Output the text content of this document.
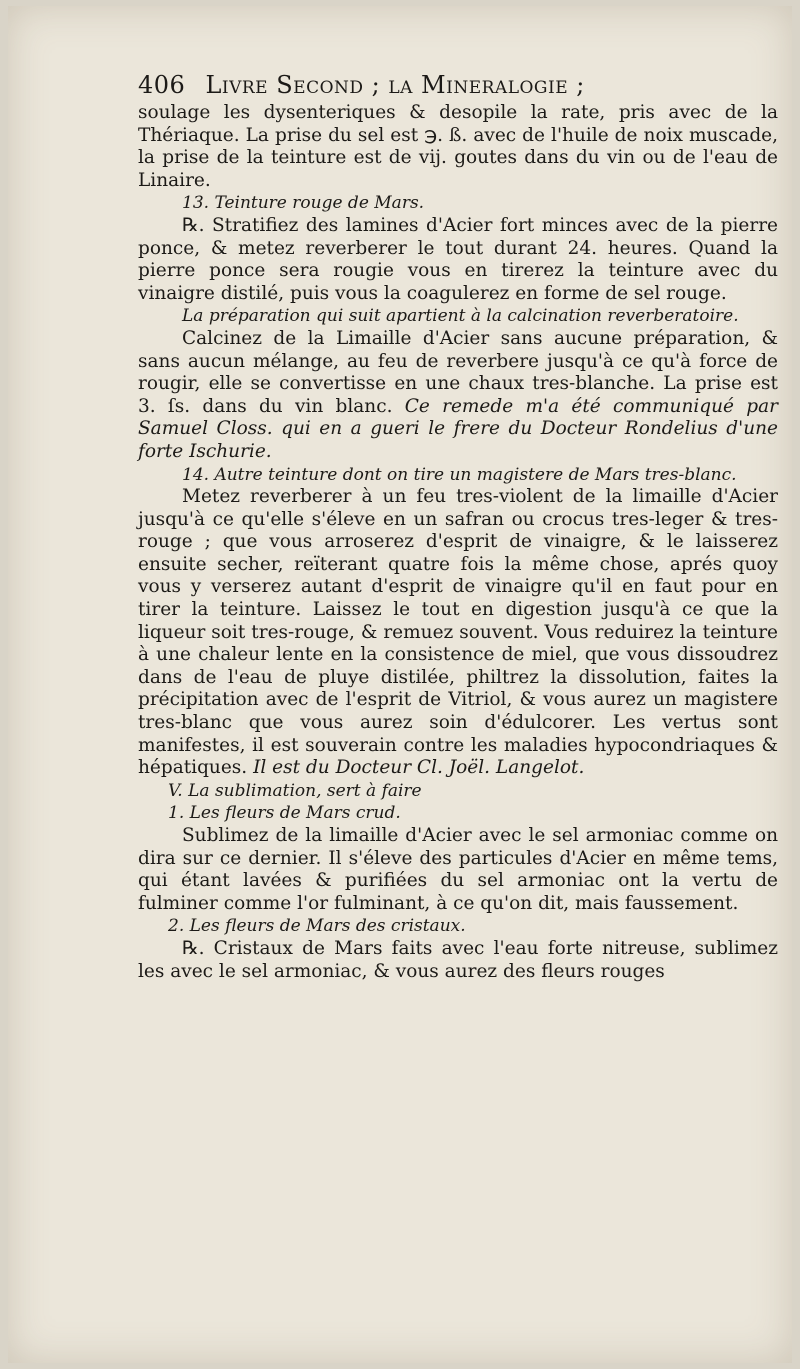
406 Livre Second ; la Mineralogie ;

soulage les dysenteriques & desopile la rate, pris avec de la Thériaque. La prise du sel est ℈. ß. avec de l'huile de noix muscade, la prise de la teinture est de vij. goutes dans du vin ou de l'eau de Linaire.

13. Teinture rouge de Mars.

℞. Stratifiez des lamines d'Acier fort minces avec de la pierre ponce, & metez reverberer le tout durant 24. heures. Quand la pierre ponce sera rougie vous en tirerez la teinture avec du vinaigre distilé, puis vous la coagulerez en forme de sel rouge.

La préparation qui suit apartient à la calcination reverberatoire.

Calcinez de la Limaille d'Acier sans aucune préparation, & sans aucun mélange, au feu de reverbere jusqu'à ce qu'à force de rougir, elle se convertisse en une chaux tres-blanche. La prise est 3. ſs. dans du vin blanc. Ce remede m'a été communiqué par Samuel Closs. qui en a gueri le frere du Docteur Rondelius d'une forte Ischurie.

14. Autre teinture dont on tire un magistere de Mars tres-blanc.

Metez reverberer à un feu tres-violent de la limaille d'Acier jusqu'à ce qu'elle s'éleve en un safran ou crocus tres-leger & tres-rouge ; que vous arroserez d'esprit de vinaigre, & le laisserez ensuite secher, reïterant quatre fois la même chose, aprés quoy vous y verserez autant d'esprit de vinaigre qu'il en faut pour en tirer la teinture. Laissez le tout en digestion jusqu'à ce que la liqueur soit tres-rouge, & remuez souvent. Vous reduirez la teinture à une chaleur lente en la consistence de miel, que vous dissoudrez dans de l'eau de pluye distilée, philtrez la dissolution, faites la précipitation avec de l'esprit de Vitriol, & vous aurez un magistere tres-blanc que vous aurez soin d'édulcorer. Les vertus sont manifestes, il est souverain contre les maladies hypocondriaques & hépatiques. Il est du Docteur Cl. Joël. Langelot.

V. La sublimation, sert à faire

1. Les fleurs de Mars crud.

Sublimez de la limaille d'Acier avec le sel armoniac comme on dira sur ce dernier. Il s'éleve des particules d'Acier en même tems, qui étant lavées & purifiées du sel armoniac ont la vertu de fulminer comme l'or fulminant, à ce qu'on dit, mais faussement.

2. Les fleurs de Mars des cristaux.

℞. Cristaux de Mars faits avec l'eau forte nitreuse, sublimez les avec le sel armoniac, & vous aurez des fleurs rouges
